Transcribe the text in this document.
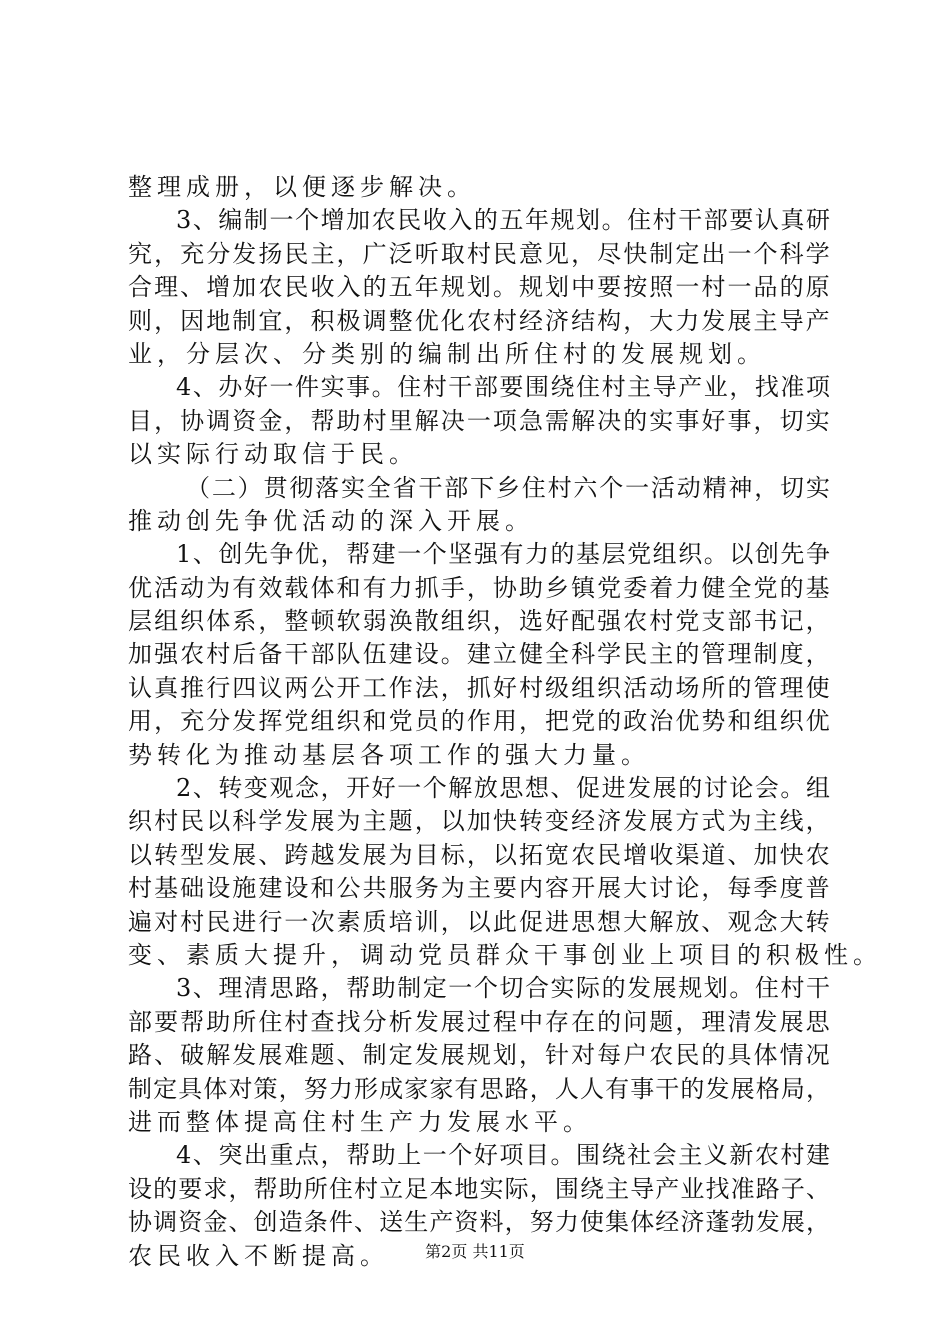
整理成册，以便逐步解决。
3 、 编 制 一 个 增 加 农 民 收 入 的 五 年 规 划 。 住 村 干 部 要 认 真 研
究 ， 充 分 发 扬 民 主 ， 广 泛 听 取 村 民 意 见 ， 尽 快 制 定 出 一 个 科 学
合 理 、 增 加 农 民 收 入 的 五 年 规 划 。 规 划 中 要 按 照 一 村 一 品 的 原
则 ， 因 地 制 宜 ， 积 极 调 整 优 化 农 村 经 济 结 构 ， 大 力 发 展 主 导 产
业，分层次、分类别的编制出所住村的发展规划。
4 、 办 好 一 件 实 事 。 住 村 干 部 要 围 绕 住 村 主 导 产 业 ， 找 准 项
目 ， 协 调 资 金 ， 帮 助 村 里 解 决 一 项 急 需 解 决 的 实 事 好 事 ， 切 实
以实际行动取信于民。
（ 二 ） 贯 彻 落 实 全 省 干 部 下 乡 住 村 六 个 一 活 动 精 神 ， 切 实
推动创先争优活动的深入开展。
1 、 创 先 争 优 ， 帮 建 一 个 坚 强 有 力 的 基 层 党 组 织 。 以 创 先 争
优 活 动 为 有 效 载 体 和 有 力 抓 手 ， 协 助 乡 镇 党 委 着 力 健 全 党 的 基
层 组 织 体 系 ， 整 顿 软 弱 涣 散 组 织 ， 选 好 配 强 农 村 党 支 部 书 记 ，
加 强 农 村 后 备 干 部 队 伍 建 设 。 建 立 健 全 科 学 民 主 的 管 理 制 度 ，
认 真 推 行 四 议 两 公 开 工 作 法 ， 抓 好 村 级 组 织 活 动 场 所 的 管 理 使
用 ， 充 分 发 挥 党 组 织 和 党 员 的 作 用 ， 把 党 的 政 治 优 势 和 组 织 优
势转化为推动基层各项工作的强大力量。
2 、 转 变 观 念 ， 开 好 一 个 解 放 思 想 、 促 进 发 展 的 讨 论 会 。 组
织 村 民 以 科 学 发 展 为 主 题 ， 以 加 快 转 变 经 济 发 展 方 式 为 主 线 ，
以 转 型 发 展 、 跨 越 发 展 为 目 标 ， 以 拓 宽 农 民 增 收 渠 道 、 加 快 农
村 基 础 设 施 建 设 和 公 共 服 务 为 主 要 内 容 开 展 大 讨 论 ， 每 季 度 普
遍 对 村 民 进 行 一 次 素 质 培 训 ， 以 此 促 进 思 想 大 解 放 、 观 念 大 转
变、素质大提升，调动党员群众干事创业上项目的积极性。
3 、 理 清 思 路 ， 帮 助 制 定 一 个 切 合 实 际 的 发 展 规 划 。 住 村 干
部 要 帮 助 所 住 村 查 找 分 析 发 展 过 程 中 存 在 的 问 题 ， 理 清 发 展 思
路 、 破 解 发 展 难 题 、 制 定 发 展 规 划 ， 针 对 每 户 农 民 的 具 体 情 况
制 定 具 体 对 策 ， 努 力 形 成 家 家 有 思 路 ， 人 人 有 事 干 的 发 展 格 局 ，
进而整体提高住村生产力发展水平。
4 、 突 出 重 点 ， 帮 助 上 一 个 好 项 目 。 围 绕 社 会 主 义 新 农 村 建
设 的 要 求 ， 帮 助 所 住 村 立 足 本 地 实 际 ， 围 绕 主 导 产 业 找 准 路 子 、
协 调 资 金 、 创 造 条 件 、 送 生 产 资 料 ， 努 力 使 集 体 经 济 蓬 勃 发 展 ，
农民收入不断提高。	第2页 共11页
